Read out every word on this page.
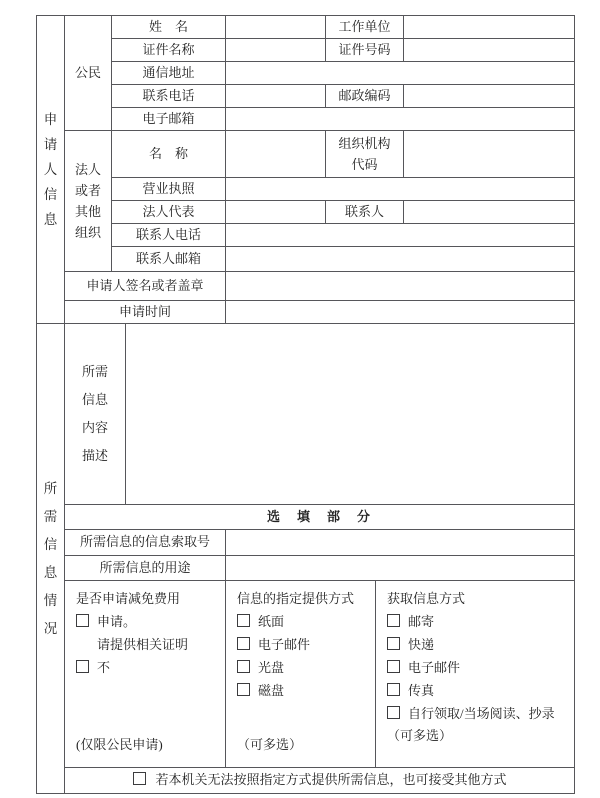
申
请
人
信
息	公民	姓　名		工作单位	
		证件名称		证件号码	
		通信地址			
		联系电话		邮政编码	
		电子邮箱			

	法人
或者
其他
组织	名　称		组织机构
代码	

		营业执照			
		法人代表		联系人	
		联系人电话			
		联系人邮箱			
	申请人签名或者盖章				
	申请时间				
所
需
信
息
情
况

所需
信息
内容
描述

	选　填　部　分			
	所需信息的信息索取号			
	所需信息的用途			

是否申请减免费用
申请。
请提供相关证明
不
(仅限公民申请)

信息的指定提供方式
纸面
电子邮件
光盘
磁盘
（可多选）

获取信息方式
邮寄
快递
电子邮件
传真
自行领取/当场阅读、抄录
（可多选）

	若本机关无法按照指定方式提供所需信息，也可接受其他方式			
